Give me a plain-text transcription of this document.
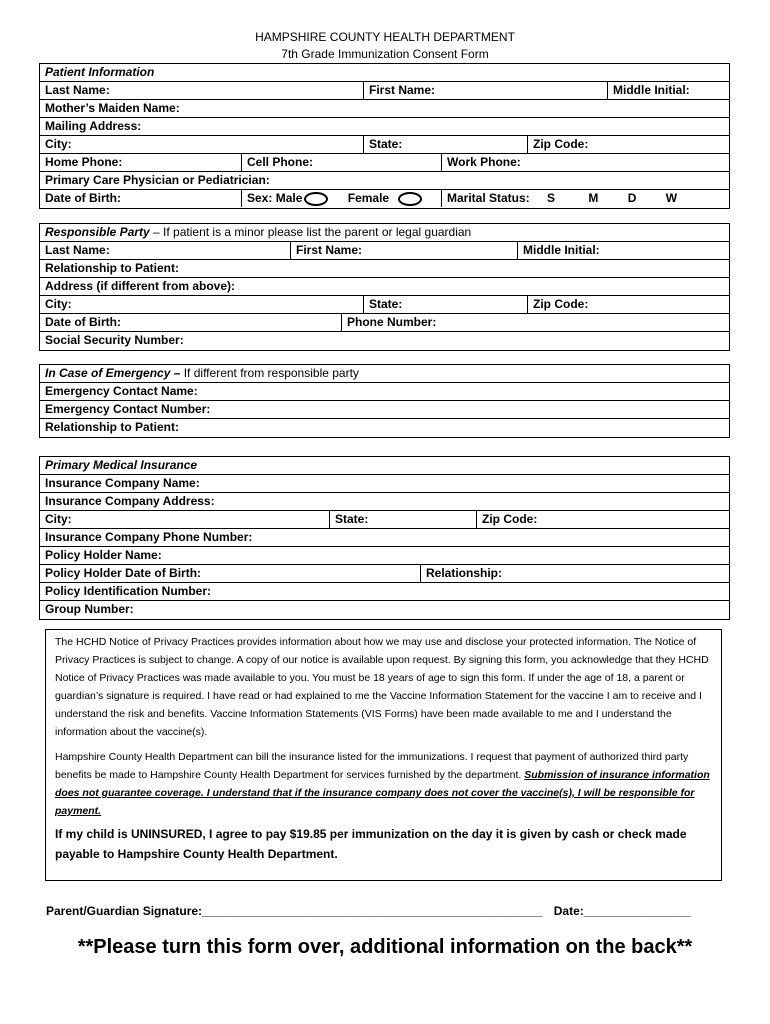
HAMPSHIRE COUNTY HEALTH DEPARTMENT
7th Grade Immunization Consent Form
Patient Information
Last Name:	First Name:	Middle Initial:
Mother’s Maiden Name:
Mailing Address:
City:	State:	Zip Code:
Home Phone:	Cell Phone:	Work Phone:
Primary Care Physician or Pediatrician:
Date of Birth:	Sex: Male	Female	Marital Status: S	M D W
Responsible Party – If patient is a minor please list the parent or legal guardian
Last Name:	First Name:	Middle Initial:
Relationship to Patient:
Address (if different from above):
City:	State:	Zip Code:
Date of Birth:	Phone Number:
Social Security Number:
In Case of Emergency – If different from responsible party
Emergency Contact Name:
Emergency Contact Number:
Relationship to Patient:
Primary Medical Insurance
Insurance Company Name:
Insurance Company Address:
City:	State:	Zip Code:
Insurance Company Phone Number:
Policy Holder Name:
Policy Holder Date of Birth:	Relationship:
Policy Identification Number:
Group Number:

The HCHD Notice of Privacy Practices provides information about how we may use and disclose your protected information. The Notice of Privacy Practices is subject to change. A copy of our notice is available upon request. By signing this form, you acknowledge that they HCHD Notice of Privacy Practices was made available to you. You must be 18 years of age to sign this form. If under the age of 18, a parent or guardian’s signature is required. I have read or had explained to me the Vaccine Information Statement for the vaccine I am to receive and I understand the risk and benefits. Vaccine Information Statements (VIS Forms) have been made available to me and I understand the information about the vaccine(s).

Hampshire County Health Department can bill the insurance listed for the immunizations. I request that payment of authorized third party benefits be made to Hampshire County Health Department for services furnished by the department. Submission of insurance information does not guarantee coverage. I understand that if the insurance company does not cover the vaccine(s), I will be responsible for payment.

If my child is UNINSURED, I agree to pay $19.85 per immunization on the day it is given by cash or check made payable to Hampshire County Health Department.

Parent/Guardian Signature:___________________________________________________ Date:________________
**Please turn this form over, additional information on the back**
